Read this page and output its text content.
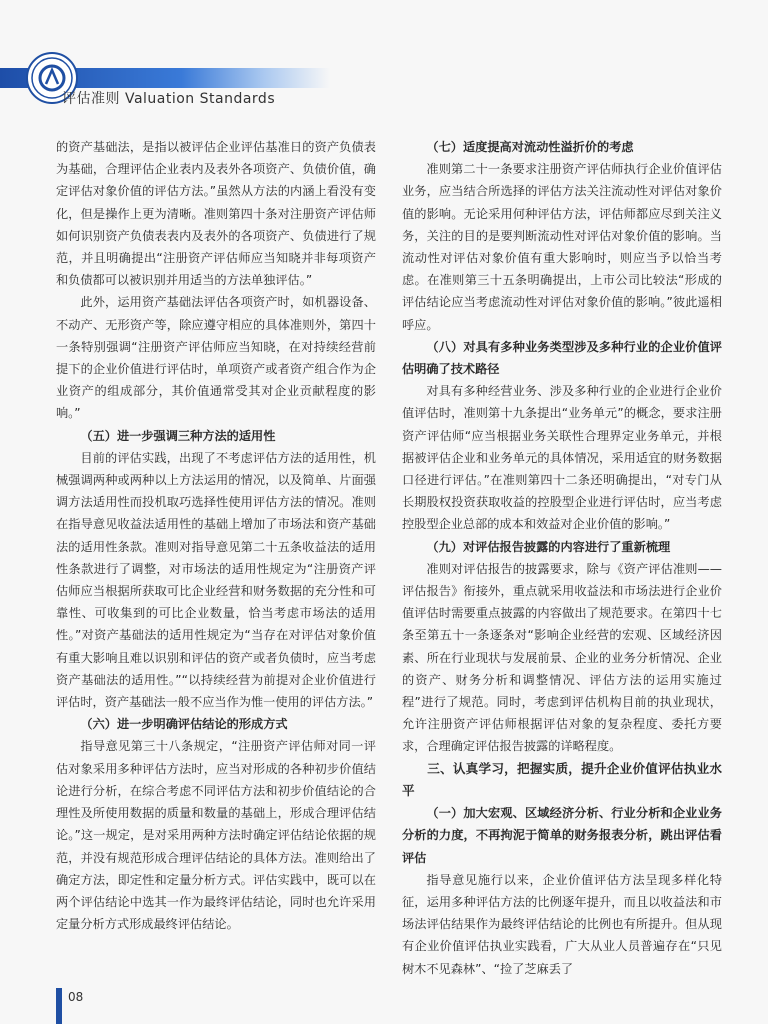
评估准则 Valuation Standards

的资产基础法，是指以被评估企业评估基准日的资产负债表为基础，合理评估企业表内及表外各项资产、负债价值，确定评估对象价值的评估方法。”虽然从方法的内涵上看没有变化，但是操作上更为清晰。准则第四十条对注册资产评估师如何识别资产负债表表内及表外的各项资产、负债进行了规范，并且明确提出“注册资产评估师应当知晓并非每项资产和负债都可以被识别并用适当的方法单独评估。”

此外，运用资产基础法评估各项资产时，如机器设备、不动产、无形资产等，除应遵守相应的具体准则外，第四十一条特别强调“注册资产评估师应当知晓，在对持续经营前提下的企业价值进行评估时，单项资产或者资产组合作为企业资产的组成部分，其价值通常受其对企业贡献程度的影响。”

（五）进一步强调三种方法的适用性

目前的评估实践，出现了不考虑评估方法的适用性，机械强调两种或两种以上方法运用的情况，以及简单、片面强调方法适用性而投机取巧选择性使用评估方法的情况。准则在指导意见收益法适用性的基础上增加了市场法和资产基础法的适用性条款。准则对指导意见第二十五条收益法的适用性条款进行了调整，对市场法的适用性规定为“注册资产评估师应当根据所获取可比企业经营和财务数据的充分性和可靠性、可收集到的可比企业数量，恰当考虑市场法的适用性。”对资产基础法的适用性规定为“当存在对评估对象价值有重大影响且难以识别和评估的资产或者负债时，应当考虑资产基础法的适用性。”“以持续经营为前提对企业价值进行评估时，资产基础法一般不应当作为惟一使用的评估方法。”

（六）进一步明确评估结论的形成方式

指导意见第三十八条规定，“注册资产评估师对同一评估对象采用多种评估方法时，应当对形成的各种初步价值结论进行分析，在综合考虑不同评估方法和初步价值结论的合理性及所使用数据的质量和数量的基础上，形成合理评估结论。”这一规定，是对采用两种方法时确定评估结论依据的规范，并没有规范形成合理评估结论的具体方法。准则给出了确定方法，即定性和定量分析方式。评估实践中，既可以在两个评估结论中选其一作为最终评估结论，同时也允许采用定量分析方式形成最终评估结论。

（七）适度提高对流动性溢折价的考虑

准则第二十一条要求注册资产评估师执行企业价值评估业务，应当结合所选择的评估方法关注流动性对评估对象价值的影响。无论采用何种评估方法，评估师都应尽到关注义务，关注的目的是要判断流动性对评估对象价值的影响。当流动性对评估对象价值有重大影响时，则应当予以恰当考虑。在准则第三十五条明确提出，上市公司比较法“形成的评估结论应当考虑流动性对评估对象价值的影响。”彼此遥相呼应。

（八）对具有多种业务类型涉及多种行业的企业价值评估明确了技术路径

对具有多种经营业务、涉及多种行业的企业进行企业价值评估时，准则第十九条提出“业务单元”的概念，要求注册资产评估师“应当根据业务关联性合理界定业务单元，并根据被评估企业和业务单元的具体情况，采用适宜的财务数据口径进行评估。”在准则第四十二条还明确提出，“对专门从长期股权投资获取收益的控股型企业进行评估时，应当考虑控股型企业总部的成本和效益对企业价值的影响。”

（九）对评估报告披露的内容进行了重新梳理

准则对评估报告的披露要求，除与《资产评估准则——评估报告》衔接外，重点就采用收益法和市场法进行企业价值评估时需要重点披露的内容做出了规范要求。在第四十七条至第五十一条逐条对“影响企业经营的宏观、区域经济因素、所在行业现状与发展前景、企业的业务分析情况、企业的资产、财务分析和调整情况、评估方法的运用实施过程”进行了规范。同时，考虑到评估机构目前的执业现状，允许注册资产评估师根据评估对象的复杂程度、委托方要求，合理确定评估报告披露的详略程度。

三、认真学习，把握实质，提升企业价值评估执业水平
（一）加大宏观、区域经济分析、行业分析和企业业务分析的力度，不再拘泥于简单的财务报表分析，跳出评估看评估

指导意见施行以来，企业价值评估方法呈现多样化特征，运用多种评估方法的比例逐年提升，而且以收益法和市场法评估结果作为最终评估结论的比例也有所提升。但从现有企业价值评估执业实践看，广大从业人员普遍存在“只见树木不见森林”、“捡了芝麻丢了

08
